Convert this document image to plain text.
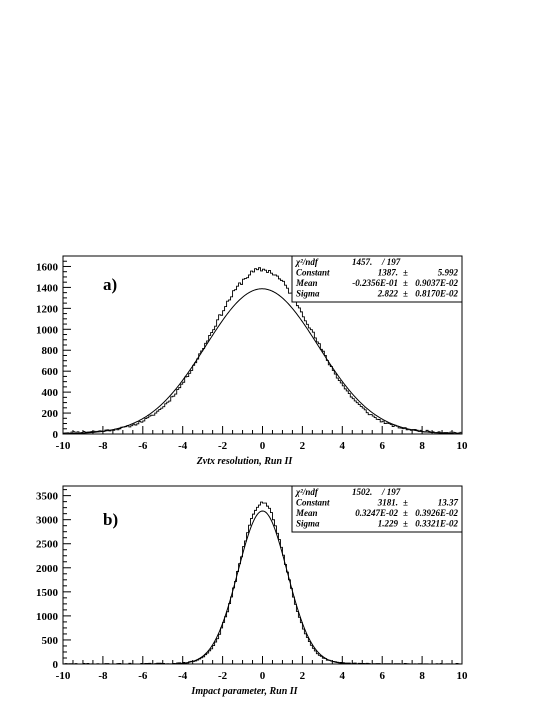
-10	-8	-6	-4	-2	0	2	4	6	8	10
0
200
400
600
800
1000
1200
1400
1600
a)
Zvtx resolution, Run II
χ²/ndf	1457. / 197
Constant	1387. ±	5.992
Mean	-0.2356E-01 ± 0.9037E-02
Sigma	2.822 ± 0.8170E-02
-10	-8	-6	-4	-2	0	2	4	6	8	10
0
500
1000
1500
2000
2500
3000
3500
b)
Impact parameter, Run II
χ²/ndf	1502. / 197
Constant	3181. ±	13.37
Mean	0.3247E-02 ± 0.3926E-02
Sigma	1.229 ± 0.3321E-02
